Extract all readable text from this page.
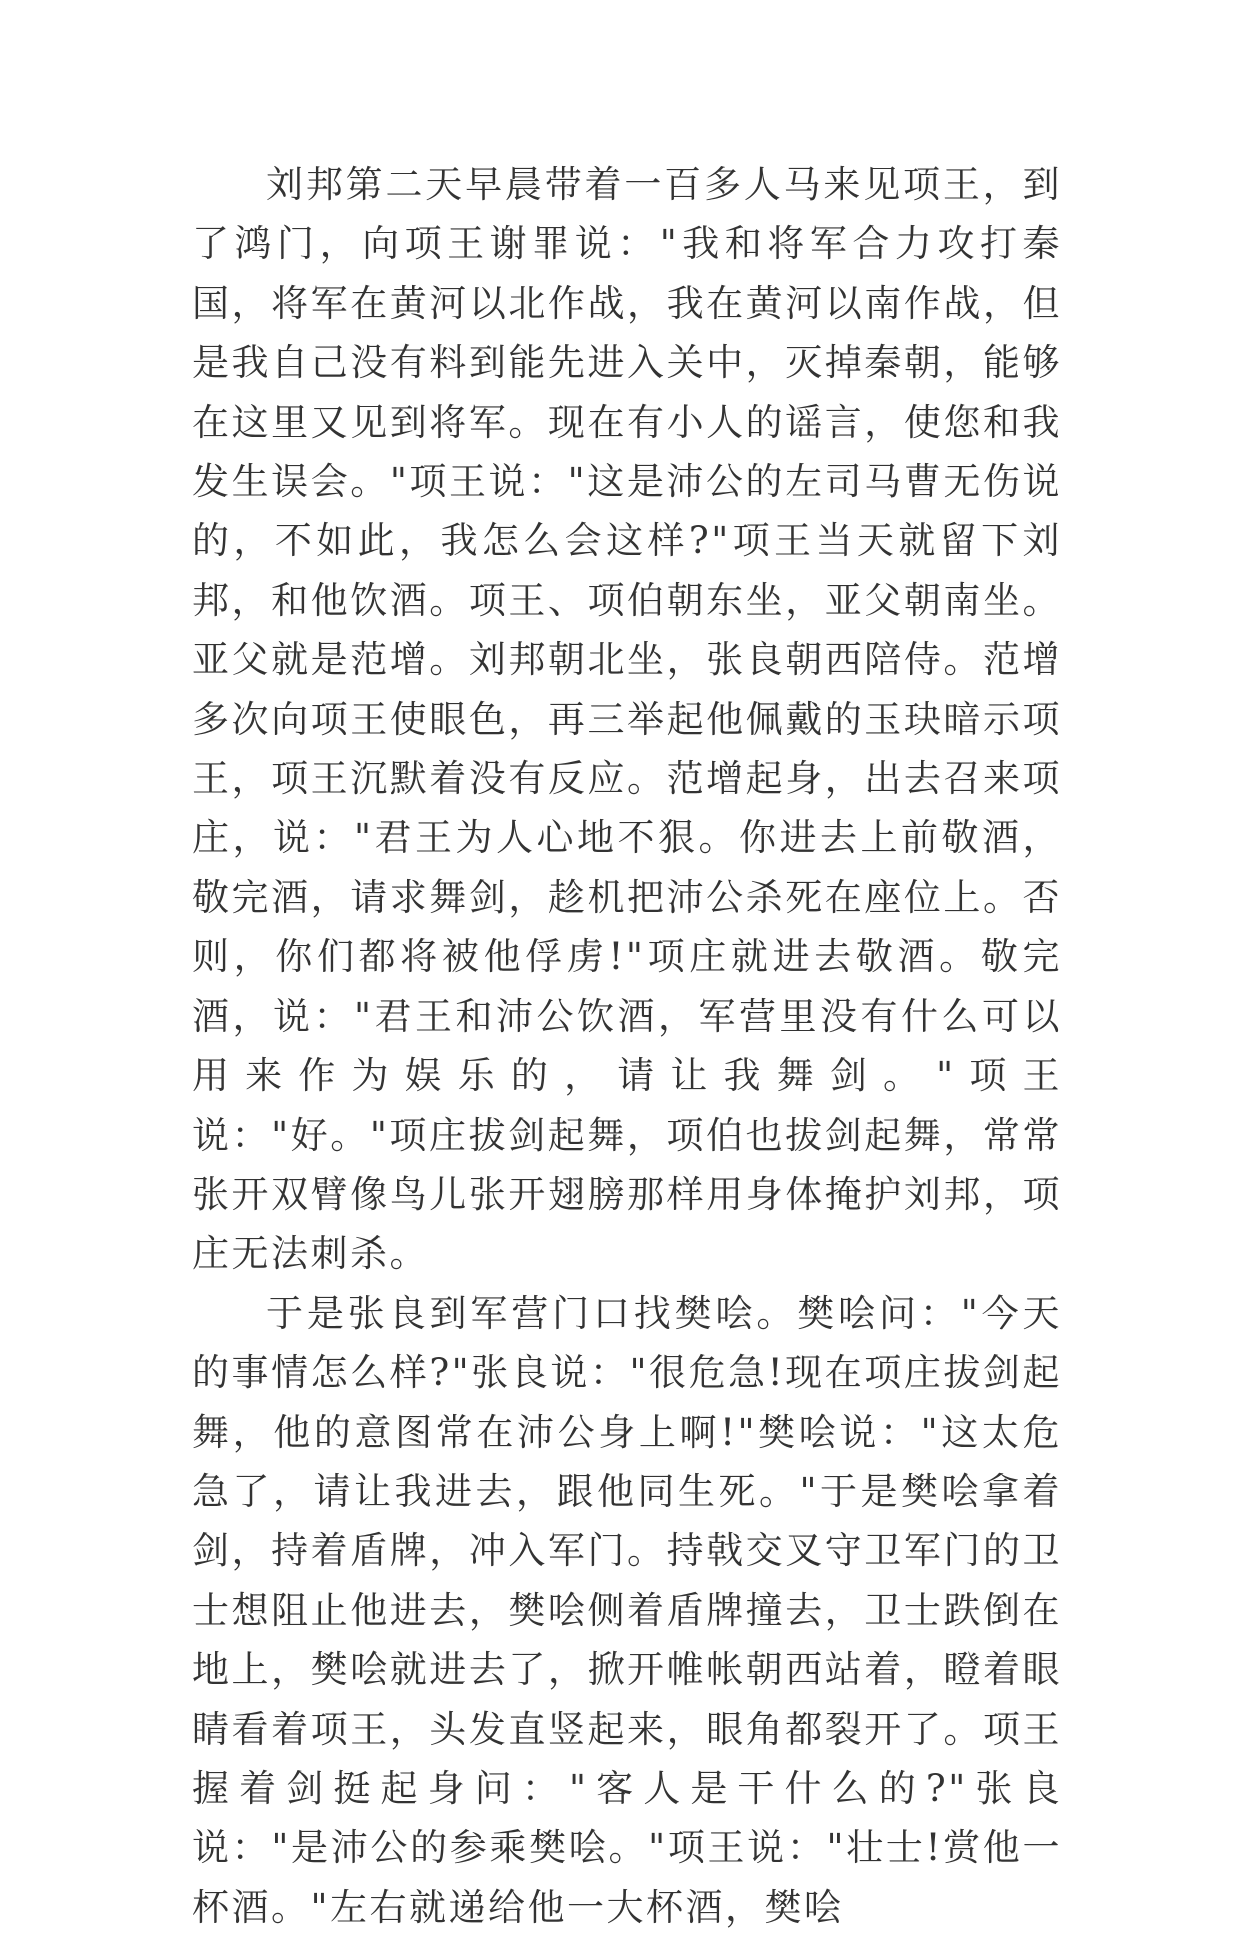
刘邦第二天早晨带着一百多人马来见项王，到了鸿门，向项王谢罪说："我和将军合力攻打秦国，将军在黄河以北作战，我在黄河以南作战，但是我自己没有料到能先进入关中，灭掉秦朝，能够在这里又见到将军。现在有小人的谣言，使您和我发生误会。"项王说："这是沛公的左司马曹无伤说的，不如此，我怎么会这样?"项王当天就留下刘邦，和他饮酒。项王、项伯朝东坐，亚父朝南坐。亚父就是范增。刘邦朝北坐，张良朝西陪侍。范增多次向项王使眼色，再三举起他佩戴的玉玦暗示项王，项王沉默着没有反应。范增起身，出去召来项庄，说："君王为人心地不狠。你进去上前敬酒，敬完酒，请求舞剑，趁机把沛公杀死在座位上。否则，你们都将被他俘虏!"项庄就进去敬酒。敬完酒，说："君王和沛公饮酒，军营里没有什么可以用来作为娱乐的，请让我舞剑。"项王说："好。"项庄拔剑起舞，项伯也拔剑起舞，常常张开双臂像鸟儿张开翅膀那样用身体掩护刘邦，项庄无法刺杀。

于是张良到军营门口找樊哙。樊哙问："今天的事情怎么样?"张良说："很危急!现在项庄拔剑起舞，他的意图常在沛公身上啊!"樊哙说："这太危急了，请让我进去，跟他同生死。"于是樊哙拿着剑，持着盾牌，冲入军门。持戟交叉守卫军门的卫士想阻止他进去，樊哙侧着盾牌撞去，卫士跌倒在地上，樊哙就进去了，掀开帷帐朝西站着，瞪着眼睛看着项王，头发直竖起来，眼角都裂开了。项王握着剑挺起身问："客人是干什么的?"张良说："是沛公的参乘樊哙。"项王说："壮士!赏他一杯酒。"左右就递给他一大杯酒，樊哙
